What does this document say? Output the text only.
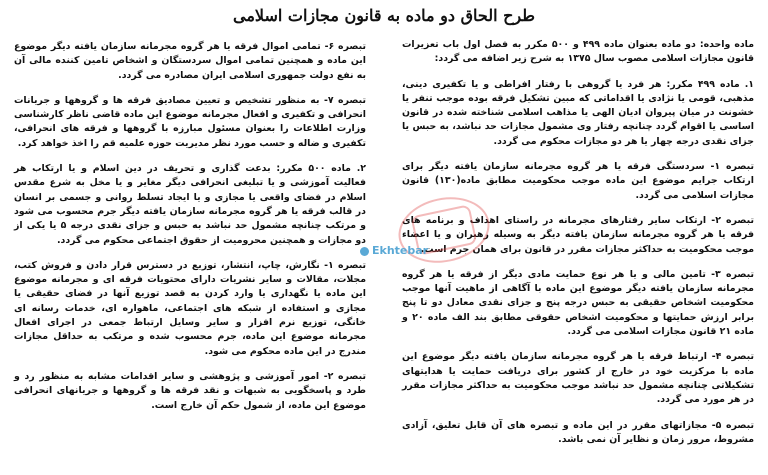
طرح الحاق دو ماده به قانون مجازات اسلامی

ماده واحده: دو ماده بعنوان ماده ۴۹۹ و ۵۰۰ مکرر به فصل اول باب تعزیرات قانون مجازات اسلامی مصوب سال ۱۳۷۵ به شرح زیر اضافه می گردد:

۱. ماده ۴۹۹ مکرر: هر فرد یا گروهی با رفتار افراطی و یا تکفیری دینی، مذهبی، قومی یا نژادی یا اقداماتی که مبین تشکیل فرقه بوده موجب تنفر یا خشونت در میان پیروان ادیان الهی یا مذاهب اسلامی شناخته شده در قانون اساسی یا اقوام گردد چنانچه رفتار وی مشمول مجازات حد نباشد، به حبس یا جزای نقدی درجه چهار یا هر دو مجازات محکوم می گردد.

تبصره ۱- سردستگی فرقه یا هر گروه مجرمانه سازمان یافته دیگر برای ارتکاب جرایم موضوع این ماده موجب محکومیت مطابق ماده(۱۳۰) قانون مجازات اسلامی می گردد.

تبصره ۲- ارتکاب سایر رفتارهای مجرمانه در راستای اهداف و برنامه های فرقه یا هر گروه مجرمانه سازمان یافته دیگر به وسیله رهبران و یا اعضاء موجب محکومیت به حداکثر مجازات مقرر در قانون برای همان جرم است.

تبصره ۳- تامین مالی و یا هر نوع حمایت مادی دیگر از فرقه یا هر گروه مجرمانه سازمان یافته دیگر موضوع این ماده با آگاهی از ماهیت آنها موجب محکومیت اشخاص حقیقی به حبس درجه پنج و جزای نقدی معادل دو تا پنج برابر ارزش حمایتها و محکومیت اشخاص حقوقی مطابق بند الف ماده ۲۰ و ماده ۲۱ قانون مجازات اسلامی می گردد.

تبصره ۴- ارتباط فرقه یا هر گروه مجرمانه سازمان یافته دیگر موضوع این ماده با مرکزیت خود در خارج از کشور برای دریافت حمایت یا هدایتهای تشکیلاتی چنانچه مشمول حد نباشد موجب محکومیت به حداکثر مجازات مقرر در هر مورد می گردد.

تبصره ۵- مجازاتهای مقرر در این ماده و تبصره های آن قابل تعلیق، آزادی مشروط، مرور زمان و نظایر آن نمی باشد.

تبصره ۶- تمامی اموال فرقه یا هر گروه مجرمانه سازمان یافته دیگر موضوع این ماده و همچنین تمامی اموال سردستگان و اشخاص تامین کننده مالی آن به نفع دولت جمهوری اسلامی ایران مصادره می گردد.

تبصره ۷- به منظور تشخیص و تعیین مصادیق فرقه ها و گروهها و جریانات انحرافی و تکفیری و افعال مجرمانه موضوع این ماده قاضی ناظر کارشناسی وزارت اطلاعات را بعنوان مسئول مبارزه با گروهها و فرقه های انحرافی، تکفیری و ضاله و حسب مورد نظر مدیریت حوزه علمیه قم را اخذ خواهد کرد.

۲. ماده ۵۰۰ مکرر: بدعت گذاری و تحریف در دین اسلام و یا ارتکاب هر فعالیت آموزشی و یا تبلیغی انحرافی دیگر مغایر و یا مخل به شرع مقدس اسلام در فضای واقعی یا مجازی و یا ایجاد تسلط روانی و جسمی بر انسان در قالب فرقه یا هر گروه مجرمانه سازمان یافته دیگر جرم محسوب می شود و مرتکب چنانچه مشمول حد نباشد به حبس و جزای نقدی درجه ۵ یا یکی از دو مجازات و همچنین محرومیت از حقوق اجتماعی محکوم می گردد.

تبصره ۱- نگارش، چاپ، انتشار، توزیع در دسترس قرار دادن و فروش کتب، مجلات، مقالات و سایر نشریات دارای محتویات فرقه ای و مجرمانه موضوع این ماده یا نگهداری یا وارد کردن به قصد توزیع آنها در فضای حقیقی یا مجازی و استفاده از شبکه های اجتماعی، ماهواره ای، خدمات رسانه ای خانگی، توزیع نرم افزار و سایر وسایل ارتباط جمعی در اجرای افعال مجرمانه موضوع این ماده، جرم محسوب شده و مرتکب به حداقل مجازات مندرج در این ماده محکوم می شود.

تبصره ۲- امور آموزشی و پژوهشی و سایر اقدامات مشابه به منظور رد و طرد و پاسخگویی به شبهات و نقد فرقه ها و گروهها و جریانهای انحرافی موضوع این ماده، از شمول حکم آن خارج است.

Ekhtebar
